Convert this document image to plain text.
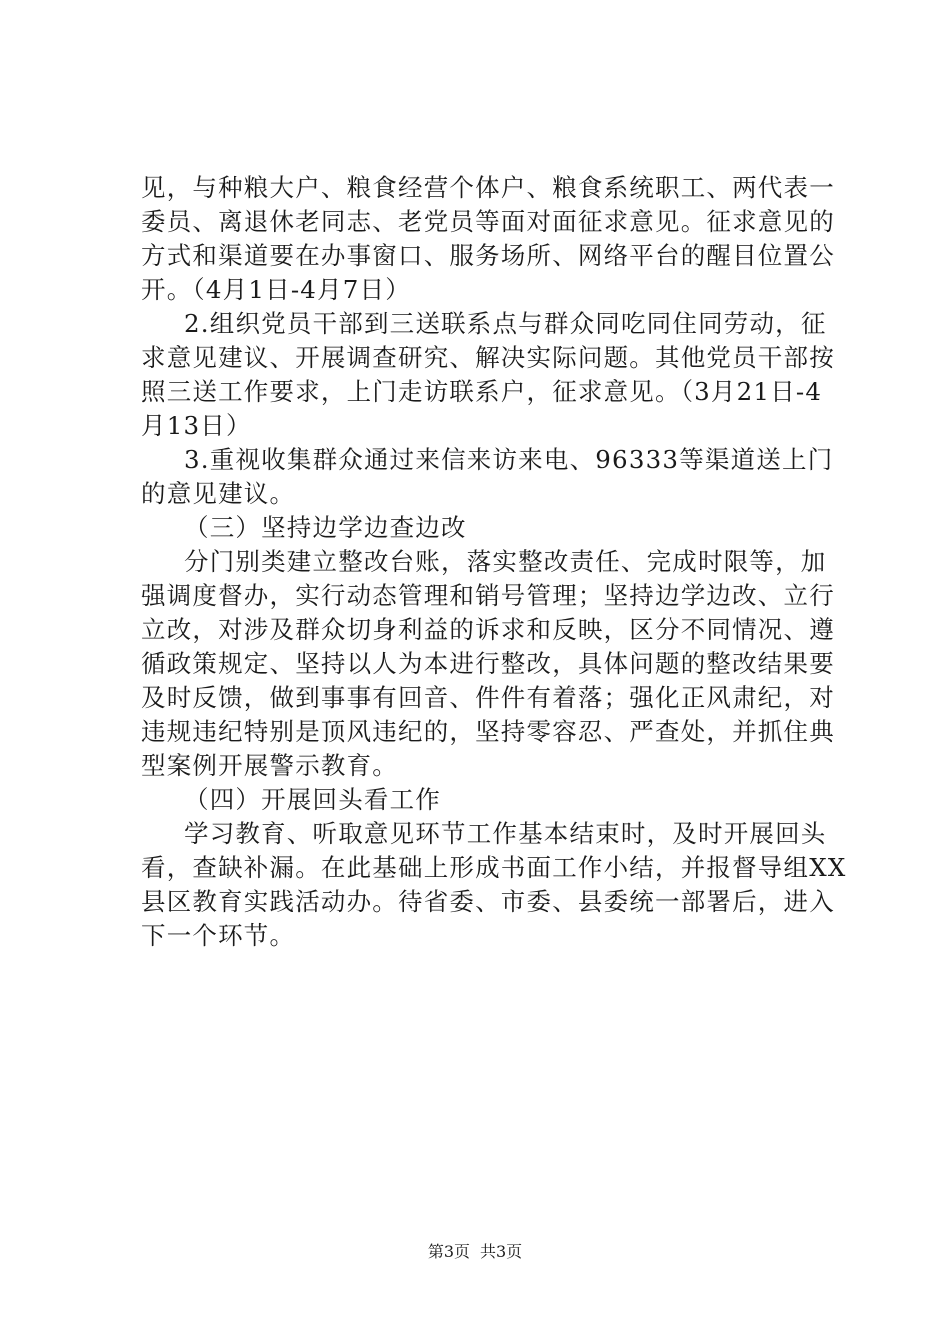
见，与种粮大户、粮食经营个体户、粮食系统职工、两代表一
委员、离退休老同志、老党员等面对面征求意见。征求意见的
方式和渠道要在办事窗口、服务场所、网络平台的醒目位置公
开。（4月1日-4月7日）
2.组织党员干部到三送联系点与群众同吃同住同劳动，征
求意见建议、开展调查研究、解决实际问题。其他党员干部按
照三送工作要求，上门走访联系户，征求意见。（3月21日-4
月13日）
3.重视收集群众通过来信来访来电、96333等渠道送上门
的意见建议。
（三）坚持边学边查边改
分门别类建立整改台账，落实整改责任、完成时限等，加
强调度督办，实行动态管理和销号管理；坚持边学边改、立行
立改，对涉及群众切身利益的诉求和反映，区分不同情况、遵
循政策规定、坚持以人为本进行整改，具体问题的整改结果要
及时反馈，做到事事有回音、件件有着落；强化正风肃纪，对
违规违纪特别是顶风违纪的，坚持零容忍、严查处，并抓住典
型案例开展警示教育。
（四）开展回头看工作
学习教育、听取意见环节工作基本结束时，及时开展回头
看，查缺补漏。在此基础上形成书面工作小结，并报督导组XX
县区教育实践活动办。待省委、市委、县委统一部署后，进入
下一个环节。
第3页 共3页
